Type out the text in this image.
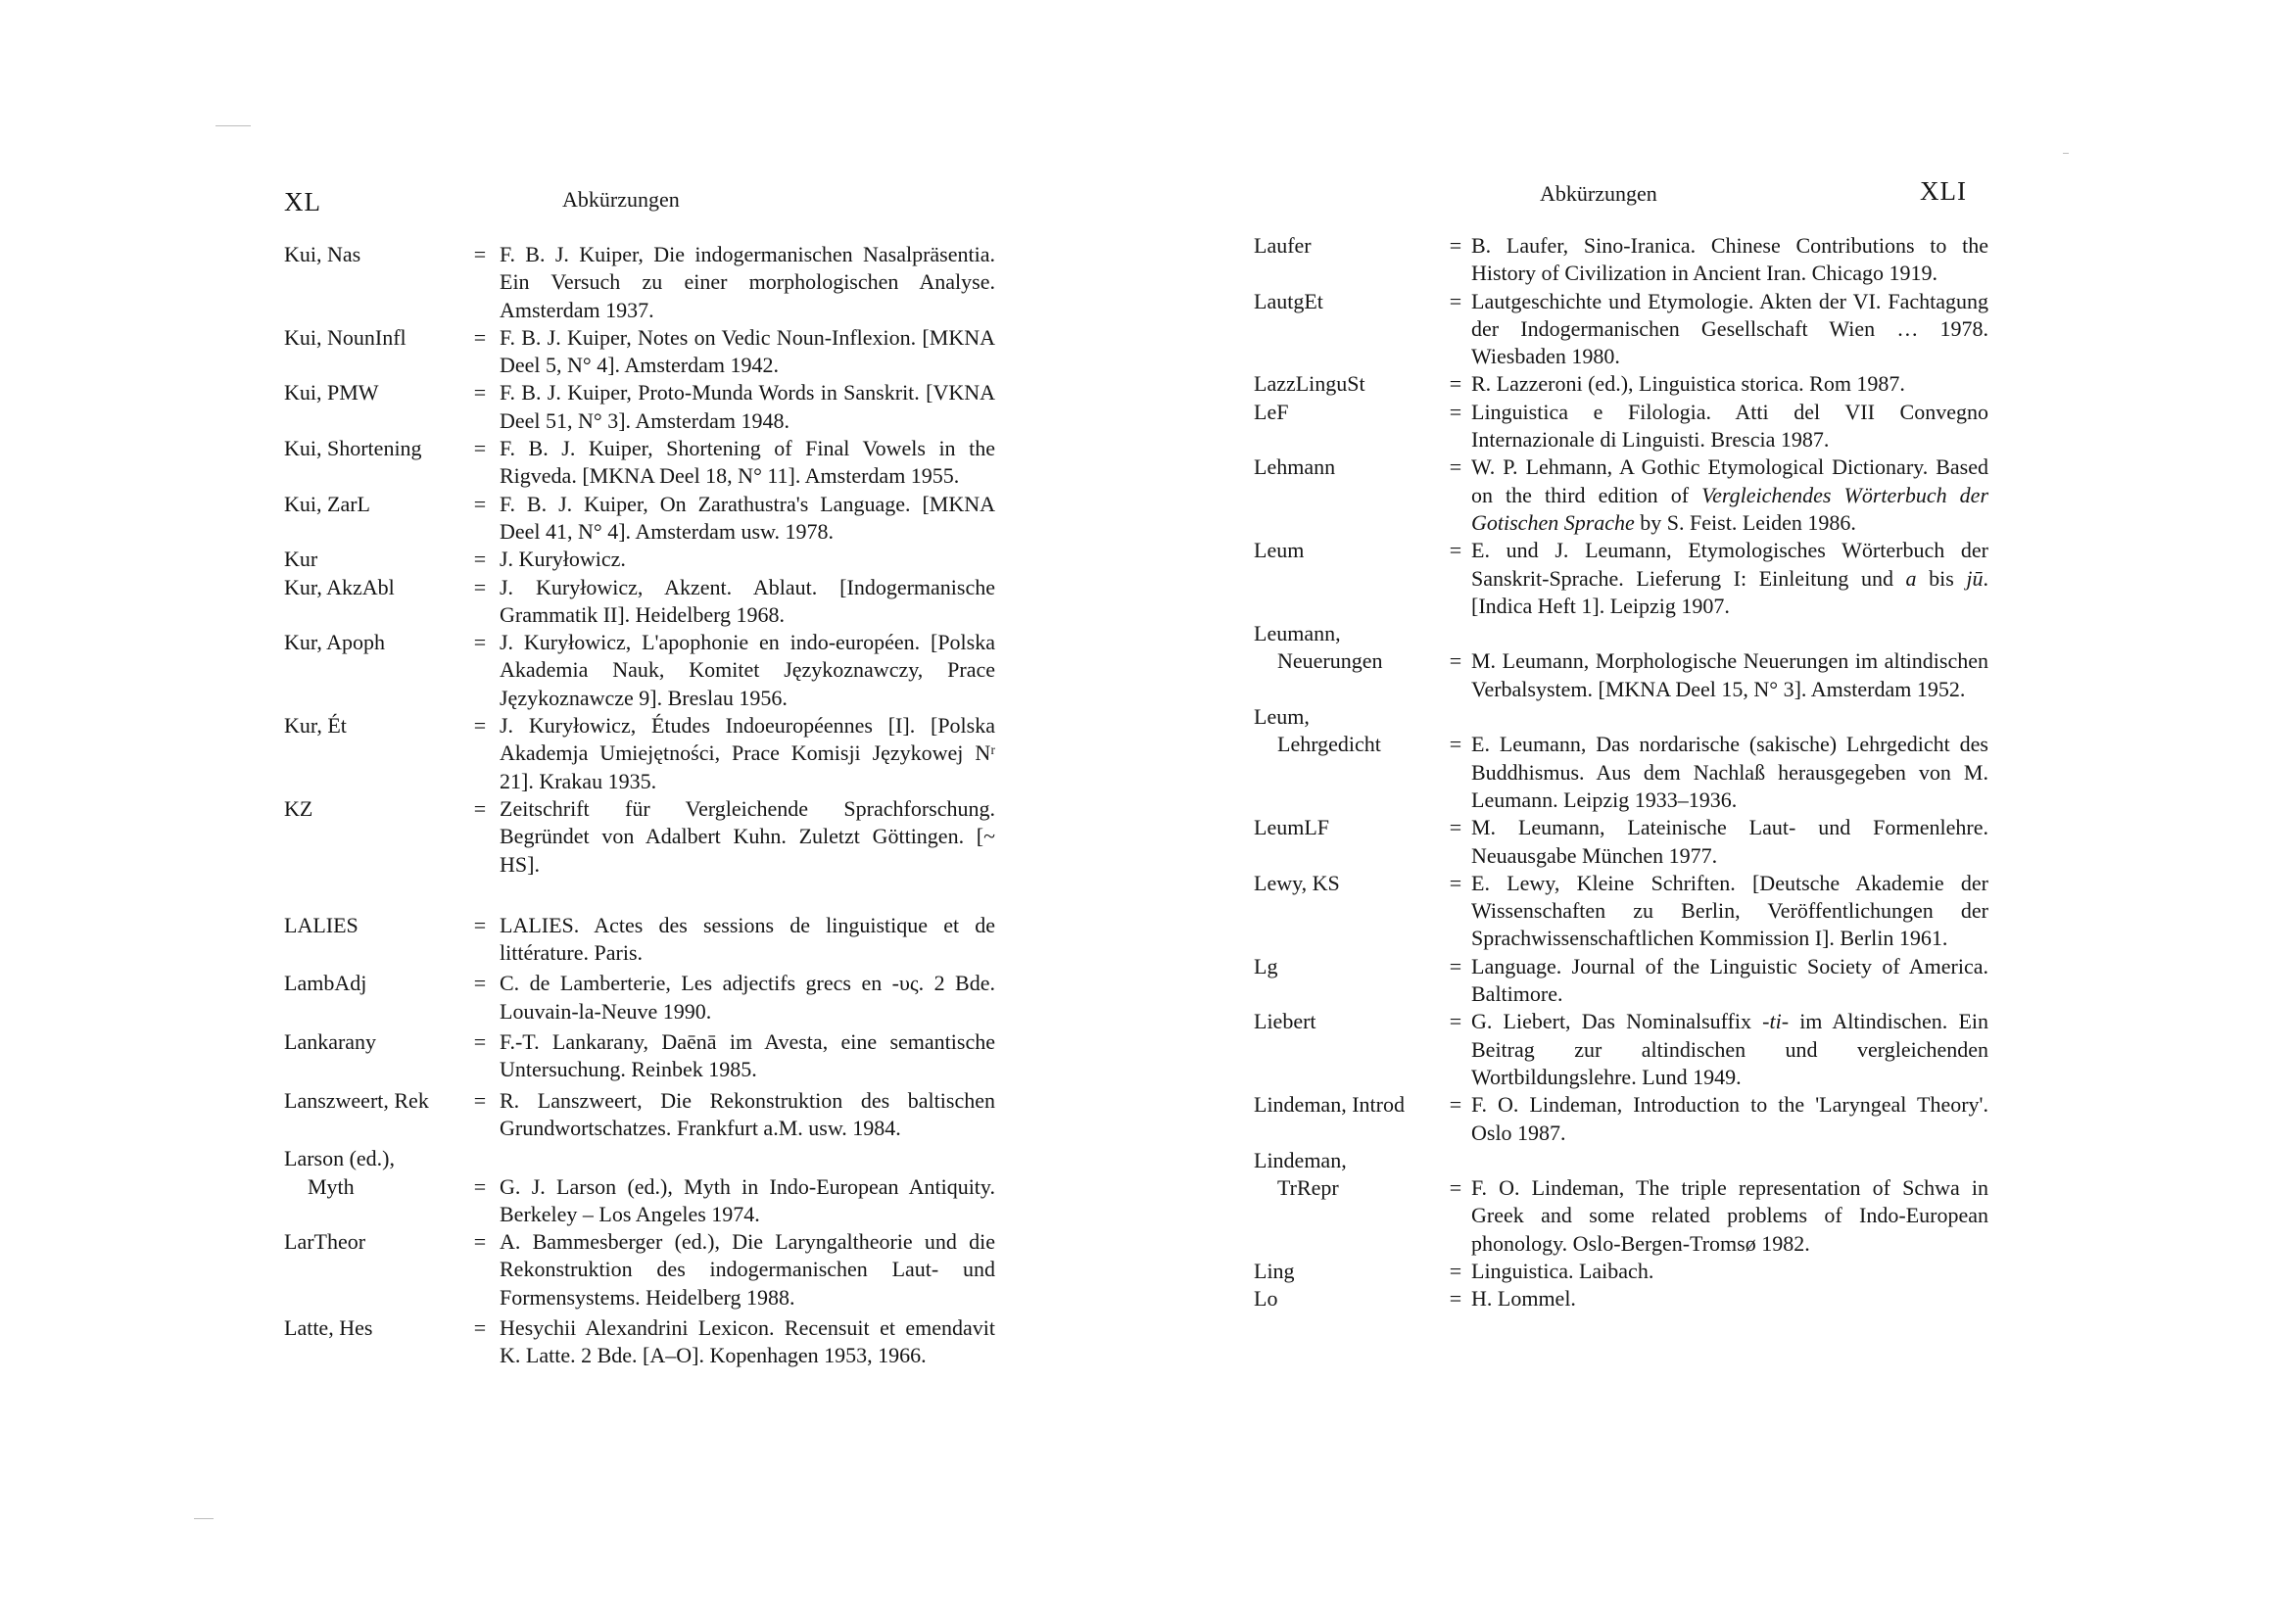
XL	Abkürzungen
Kui, Nas	= F. B. J. Kuiper, Die indogermanischen Nasalpräsentia. Ein Versuch zu einer morphologischen Analyse. Amsterdam 1937.
Kui, NounInfl	= F. B. J. Kuiper, Notes on Vedic Noun-Inflexion. [MKNA Deel 5, N° 4]. Amsterdam 1942.
Kui, PMW	= F. B. J. Kuiper, Proto-Munda Words in Sanskrit. [VKNA Deel 51, N° 3]. Amsterdam 1948.
Kui, Shortening	= F. B. J. Kuiper, Shortening of Final Vowels in the Rigveda. [MKNA Deel 18, N° 11]. Amsterdam 1955.
Kui, ZarL	= F. B. J. Kuiper, On Zarathustra's Language. [MKNA Deel 41, N° 4]. Amsterdam usw. 1978.
Kur	= J. Kuryłowicz.
Kur, AkzAbl	= J. Kuryłowicz, Akzent. Ablaut. [Indogermanische Grammatik II]. Heidelberg 1968.
Kur, Apoph	= J. Kuryłowicz, L'apophonie en indo-européen. [Polska Akademia Nauk, Komitet Językoznawczy, Prace Językoznawcze 9]. Breslau 1956.
Kur, Ét	= J. Kuryłowicz, Études Indoeuropéennes [I]. [Polska Akademja Umiejętności, Prace Komisji Językowej Nʳ 21]. Krakau 1935.
KZ	= Zeitschrift für Vergleichende Sprachforschung. Begründet von Adalbert Kuhn. Zuletzt Göttingen. [~ HS].
LALIES	= LALIES. Actes des sessions de linguistique et de littérature. Paris.
LambAdj	= C. de Lamberterie, Les adjectifs grecs en -υς. 2 Bde. Louvain-la-Neuve 1990.
Lankarany	= F.-T. Lankarany, Daēnā im Avesta, eine semantische Untersuchung. Reinbek 1985.
Lanszweert, Rek	= R. Lanszweert, Die Rekonstruktion des baltischen Grundwortschatzes. Frankfurt a.M. usw. 1984.
Larson (ed.),
Myth	= G. J. Larson (ed.), Myth in Indo-European Antiquity. Berkeley – Los Angeles 1974.
LarTheor	= A. Bammesberger (ed.), Die Laryngaltheorie und die Rekonstruktion des indogermanischen Laut- und Formensystems. Heidelberg 1988.
Latte, Hes	= Hesychii Alexandrini Lexicon. Recensuit et emendavit K. Latte. 2 Bde. [A–O]. Kopenhagen 1953, 1966.
Abkürzungen	XLI
Laufer	= B. Laufer, Sino-Iranica. Chinese Contributions to the History of Civilization in Ancient Iran. Chicago 1919.
LautgEt	= Lautgeschichte und Etymologie. Akten der VI. Fachtagung der Indogermanischen Gesellschaft Wien … 1978. Wiesbaden 1980.
LazzLinguSt	= R. Lazzeroni (ed.), Linguistica storica. Rom 1987.
LeF	= Linguistica e Filologia. Atti del VII Convegno Internazionale di Linguisti. Brescia 1987.
Lehmann	= W. P. Lehmann, A Gothic Etymological Dictionary. Based on the third edition of Vergleichendes Wörterbuch der Gotischen Sprache by S. Feist. Leiden 1986.
Leum	= E. und J. Leumann, Etymologisches Wörterbuch der Sanskrit-Sprache. Lieferung I: Einleitung und a bis jū. [Indica Heft 1]. Leipzig 1907.
Leumann,
Neuerungen	= M. Leumann, Morphologische Neuerungen im altindischen Verbalsystem. [MKNA Deel 15, N° 3]. Amsterdam 1952.
Leum,
Lehrgedicht	= E. Leumann, Das nordarische (sakische) Lehrgedicht des Buddhismus. Aus dem Nachlaß herausgegeben von M. Leumann. Leipzig 1933–1936.
LeumLF	= M. Leumann, Lateinische Laut- und Formenlehre. Neuausgabe München 1977.
Lewy, KS	= E. Lewy, Kleine Schriften. [Deutsche Akademie der Wissenschaften zu Berlin, Veröffentlichungen der Sprachwissenschaftlichen Kommission I]. Berlin 1961.
Lg	= Language. Journal of the Linguistic Society of America. Baltimore.
Liebert	= G. Liebert, Das Nominalsuffix -ti- im Altindischen. Ein Beitrag zur altindischen und vergleichenden Wortbildungslehre. Lund 1949.
Lindeman, Introd	= F. O. Lindeman, Introduction to the 'Laryngeal Theory'. Oslo 1987.
Lindeman,
TrRepr	= F. O. Lindeman, The triple representation of Schwa in Greek and some related problems of Indo-European phonology. Oslo-Bergen-Tromsø 1982.
Ling	= Linguistica. Laibach.
Lo	= H. Lommel.
